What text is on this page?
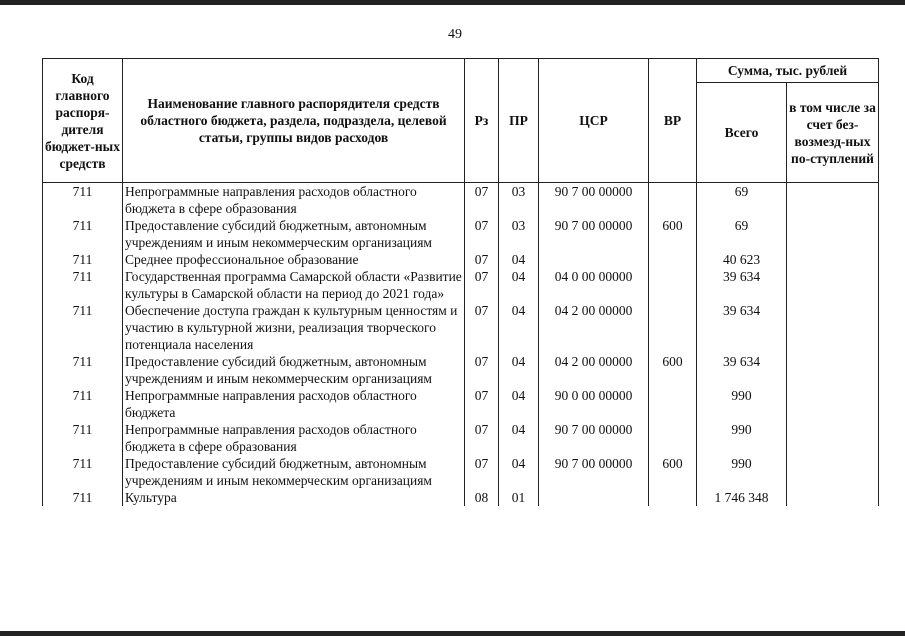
49
Код главного распоря-дителя бюджет-ных средств	Наименование главного распорядителя средств областного бюджета, раздела, подраздела, целевой статьи, группы видов расходов	Рз	ПР	ЦСР	ВР	Сумма, тыс. рублей	
						Всего	в том числе за счет без-возмезд-ных по-ступлений
711	Непрограммные направления расходов областного бюджета в сфере образования	07	03	90 7 00 00000		69	
711	Предоставление субсидий бюджетным, автономным учреждениям и иным некоммерческим организациям	07	03	90 7 00 00000	600	69	
711	Среднее профессиональное образование	07	04			40 623	
711	Государственная программа Самарской области «Развитие культуры в Самарской области на период до 2021 года»	07	04	04 0 00 00000		39 634	
711	Обеспечение доступа граждан к культурным ценностям и участию в культурной жизни, реализация творческого потенциала населения	07	04	04 2 00 00000		39 634	
711	Предоставление субсидий бюджетным, автономным учреждениям и иным некоммерческим организациям	07	04	04 2 00 00000	600	39 634	
711	Непрограммные направления расходов областного бюджета	07	04	90 0 00 00000		990	
711	Непрограммные направления расходов областного бюджета в сфере образования	07	04	90 7 00 00000		990	
711	Предоставление субсидий бюджетным, автономным учреждениям и иным некоммерческим организациям	07	04	90 7 00 00000	600	990	
711	Культура	08	01			1 746 348	
